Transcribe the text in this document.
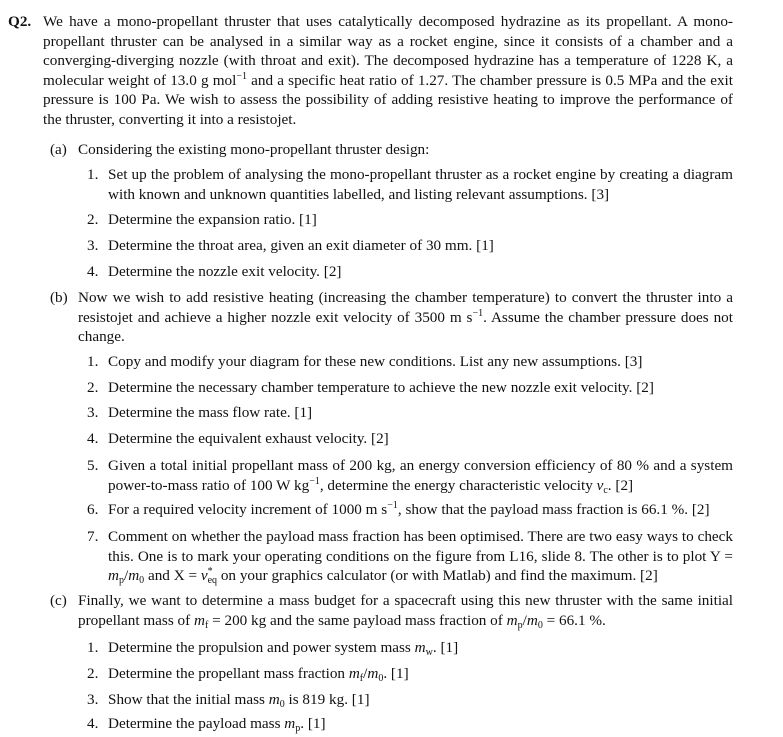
Q2. We have a mono-propellant thruster that uses catalytically decomposed hydrazine as its propellant. A mono-propellant thruster can be analysed in a similar way as a rocket engine, since it consists of a chamber and a converging-diverging nozzle (with throat and exit). The decomposed hydrazine has a temperature of 1228 K, a molecular weight of 13.0 g mol$^{-1}$ and a specific heat ratio of 1.27. The chamber pressure is 0.5 MPa and the exit pressure is 100 Pa. We wish to assess the possibility of adding resistive heating to improve the performance of the thruster, converting it into a resistojet.
(a) Considering the existing mono-propellant thruster design:
1. Set up the problem of analysing the mono-propellant thruster as a rocket engine by creating a diagram with known and unknown quantities labelled, and listing relevant assumptions. [3]
2. Determine the expansion ratio. [1]
3. Determine the throat area, given an exit diameter of 30 mm. [1]
4. Determine the nozzle exit velocity. [2]
(b) Now we wish to add resistive heating (increasing the chamber temperature) to convert the thruster into a resistojet and achieve a higher nozzle exit velocity of 3500 m $s^{-1}$. Assume the chamber pressure does not change.
1. Copy and modify your diagram for these new conditions. List any new assumptions. [3]
2. Determine the necessary chamber temperature to achieve the new nozzle exit velocity. [2]
3. Determine the mass flow rate. [1]
4. Determine the equivalent exhaust velocity. [2]
5. Given a total initial propellant mass of 200 kg, an energy conversion efficiency of 80 % and a system power-to-mass ratio of 100 W $kg^{-1}$, determine the energy characteristic velocity $v_c$. [2]
6. For a required velocity increment of 1000 m $s^{-1}$, show that the payload mass fraction is 66.1 %. [2]
7. Comment on whether the payload mass fraction has been optimised. There are two easy ways to check this. One is to mark your operating conditions on the figure from L16, slide 8. The other is to plot $Y = m_p/m_0$ and $X = v^*_{eq}$ on your graphics calculator (or with Matlab) and find the maximum. [2]
(c) Finally, we want to determine a mass budget for a spacecraft using this new thruster with the same initial propellant mass of $m_f = 200$ kg and the same payload mass fraction of $m_p/m_0 = 66.1$ %.
1. Determine the propulsion and power system mass $m_w$. [1]
2. Determine the propellant mass fraction $m_f/m_0$. [1]
3. Show that the initial mass $m_0$ is 819 kg. [1]
4. Determine the payload mass $m_p$. [1]
